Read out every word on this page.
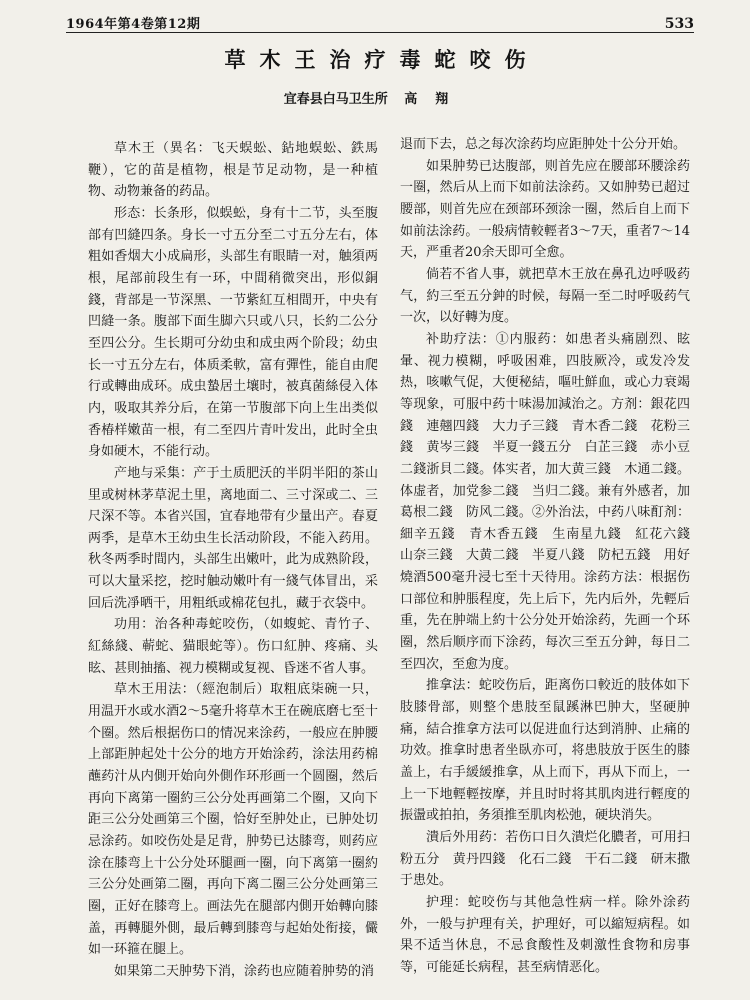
1964年第4卷第12期	533
草木王治疗毒蛇咬伤
宜春县白马卫生所 高翔

草木王（異名：飞天蜈蚣、鉆地蜈蚣、鉄馬鞭），它的苗是植物，根是节足动物，是一种植物、动物兼备的药品。

形态：长条形，似蜈蚣，身有十二节，头至腹部有凹縫四条。身长一寸五分至二寸五分左右，体粗如香烟大小成扁形，头部生有眼睛一对，触須两根，尾部前段生有一环，中間稍微突出，形似銅錢，背部是一节深黑、一节紫紅互相間开，中央有凹縫一条。腹部下面生脚六只或八只，长約二公分至四公分。生长期可分幼虫和成虫两个阶段；幼虫长一寸五分左右，体质柔軟，富有彈性，能自由爬行或轉曲成环。成虫蟄居土壤时，被真菌絲侵入体内，吸取其养分后，在第一节腹部下向上生出类似香椿样嫩苗一根，有二至四片青叶发出，此时全虫身如硬木，不能行动。

产地与采集：产于土质肥沃的半阴半阳的茶山里或树林茅草泥土里，离地面二、三寸深或二、三尺深不等。本省兴国，宜春地带有少量出产。春夏两季，是草木王幼虫生长活动阶段，不能入药用。秋冬两季时間内，头部生出嫩叶，此为成熟阶段，可以大量采挖，挖时触动嫩叶有一綫气体冒出，采回后洗凈晒干，用粗纸或棉花包扎，藏于衣袋中。

功用：治各种毒蛇咬伤，（如蝮蛇、青竹子、紅絲綫、蕲蛇、猫眼蛇等）。伤口紅肿、疼痛、头眩、甚則抽搐、视力模糊或复视、昏迷不省人事。

草木王用法：（經泡制后）取粗底柒碗一只，用温开水或水酒2～5毫升将草木王在碗底磨七至十个圈。然后根据伤口的情况来涂药，一般应在肿腰上部距肿起处十公分的地方开始涂药，涂法用药棉蘸药汁从内側开始向外側作环形画一个圆圈，然后再向下离第一圈約三公分处再画第二个圈，又向下距三公分处画第三个圈，恰好至肿处止，已肿处切忌涂药。如咬伤处是足背，肿势已达膝弯，则药应涂在膝弯上十公分处环腿画一圈，向下离第一圈約三公分处画第二圈，再向下离二圈三公分处画第三圈，正好在膝弯上。画法先在腿部内側开始轉向膝盖，再轉腿外側，最后轉到膝弯与起始处衔接，儼如一环箍在腿上。

如果第二天肿势下消，涂药也应随着肿势的消

退而下去，总之每次涂药均应距肿处十公分开始。

如果肿势已达腹部，则首先应在腰部环腰涂药一圈，然后从上而下如前法涂药。又如肿势已超过腰部，则首先应在颈部环颈涂一圈，然后自上而下如前法涂药。一般病情較輕者3～7天，重者7～14天，严重者20余天即可全愈。

倘若不省人事，就把草木王放在鼻孔边呼吸药气，約三至五分鈡的时候，每隔一至二时呼吸药气一次，以好轉为度。

补助疗法：①内服药：如患者头痛剧烈、眩暈、视力模糊，呼吸困难，四肢厥冷，或发冷发热，咳嗽气促，大便秘結，嘔吐鮮血，或心力衰竭等现象，可服中药十味湯加減治之。方剂：銀花四錢　連翹四錢　大力子三錢　青木香二錢　花粉三錢　黄岑三錢　半夏一錢五分　白芷三錢　赤小豆二錢浙貝二錢。体实者，加大黄三錢　木通二錢。体虚者，加党参二錢　当归二錢。兼有外感者，加葛根二錢　防风二錢。②外治法，中药八味酊剂：細辛五錢　青木香五錢　生南星九錢　紅花六錢　山奈三錢　大黄二錢　半夏八錢　防杞五錢　用好燒酒500毫升浸七至十天待用。涂药方法：根据伤口部位和肿脹程度，先上后下，先内后外，先輕后重，先在肿端上約十公分处开始涂药，先画一个环圈，然后顺序而下涂药，每次三至五分鈡，每日二至四次，至愈为度。

推拿法：蛇咬伤后，距离伤口較近的肢体如下肢膝骨部，则整个患肢至鼠蹊淋巴肿大，坚硬肿痛，結合推拿方法可以促进血行达到消肿、止痛的功效。推拿时患者坐臥亦可，将患肢放于医生的膝盖上，右手緩緩推拿，从上而下，再从下而上，一上一下地輕輕按摩，并且时时将其肌肉进行輕度的振盪或拍拍，务須推至肌肉松弛，硬块消失。

潰后外用药：若伤口日久潰烂化膿者，可用扫粉五分　黄丹四錢　化石二錢　干石二錢　研末撒于患处。

护理：蛇咬伤与其他急性病一样。除外涂药外，一般与护理有关，护理好，可以縮短病程。如果不适当休息，不忌食酸性及刺激性食物和房事等，可能延长病程，甚至病情恶化。
